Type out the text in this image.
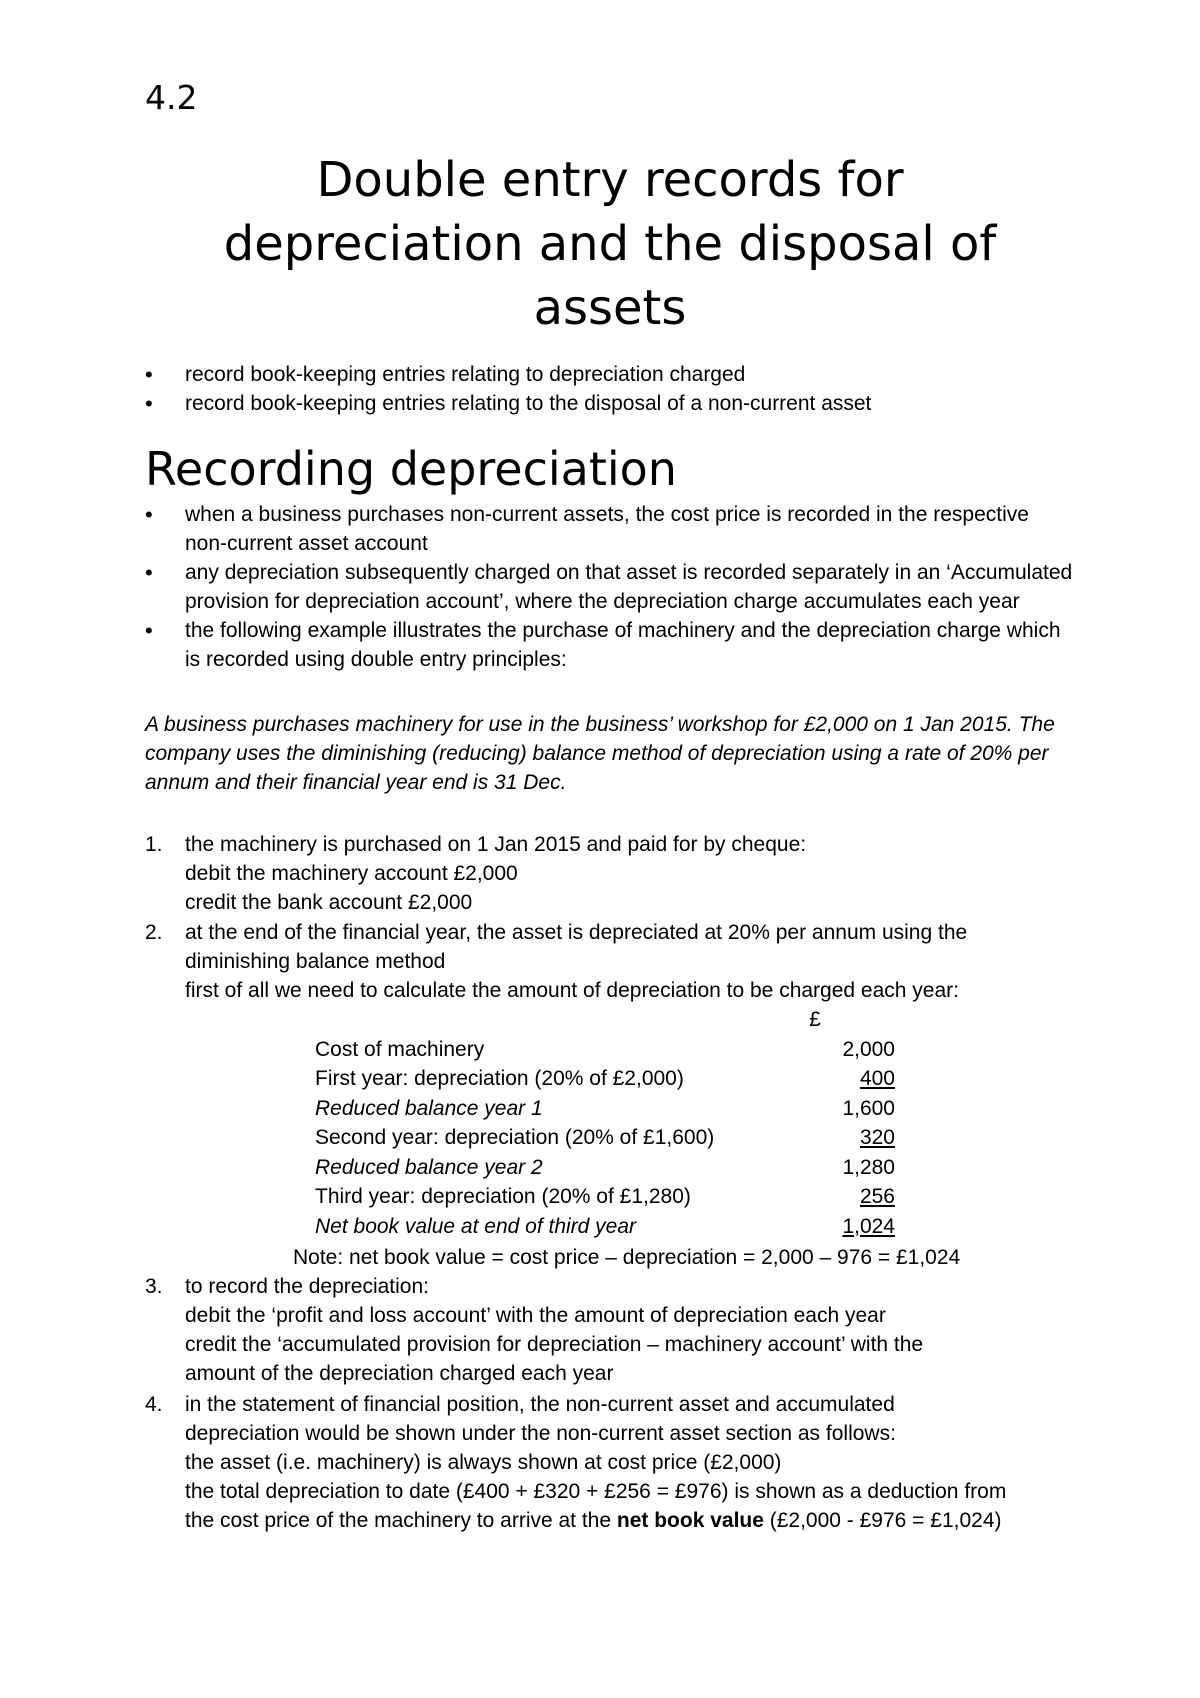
4.2
Double entry records for
depreciation and the disposal of
assets
• record book-keeping entries relating to depreciation charged
• record book-keeping entries relating to the disposal of a non-current asset
Recording depreciation
• when a business purchases non-current assets, the cost price is recorded in the respective non-current asset account
• any depreciation subsequently charged on that asset is recorded separately in an ‘Accumulated provision for depreciation account’, where the depreciation charge accumulates each year
• the following example illustrates the purchase of machinery and the depreciation charge which is recorded using double entry principles:
A business purchases machinery for use in the business’ workshop for £2,000 on 1 Jan 2015. The company uses the diminishing (reducing) balance method of depreciation using a rate of 20% per annum and their financial year end is 31 Dec.
1. the machinery is purchased on 1 Jan 2015 and paid for by cheque:
debit the machinery account £2,000
credit the bank account £2,000
2. at the end of the financial year, the asset is depreciated at 20% per annum using the
diminishing balance method
first of all we need to calculate the amount of depreciation to be charged each year:
	£
Cost of machinery	2,000
First year: depreciation (20% of £2,000)	400
Reduced balance year 1	1,600
Second year: depreciation (20% of £1,600)	320
Reduced balance year 2	1,280
Third year: depreciation (20% of £1,280)	256
Net book value at end of third year	1,024
Note: net book value = cost price – depreciation = 2,000 – 976 = £1,024
3. to record the depreciation:
debit the ‘profit and loss account’ with the amount of depreciation each year
credit the ‘accumulated provision for depreciation – machinery account’ with the
amount of the depreciation charged each year
4. in the statement of financial position, the non-current asset and accumulated
depreciation would be shown under the non-current asset section as follows:
the asset (i.e. machinery) is always shown at cost price (£2,000)
the total depreciation to date (£400 + £320 + £256 = £976) is shown as a deduction from
the cost price of the machinery to arrive at the net book value (£2,000 - £976 = £1,024)
